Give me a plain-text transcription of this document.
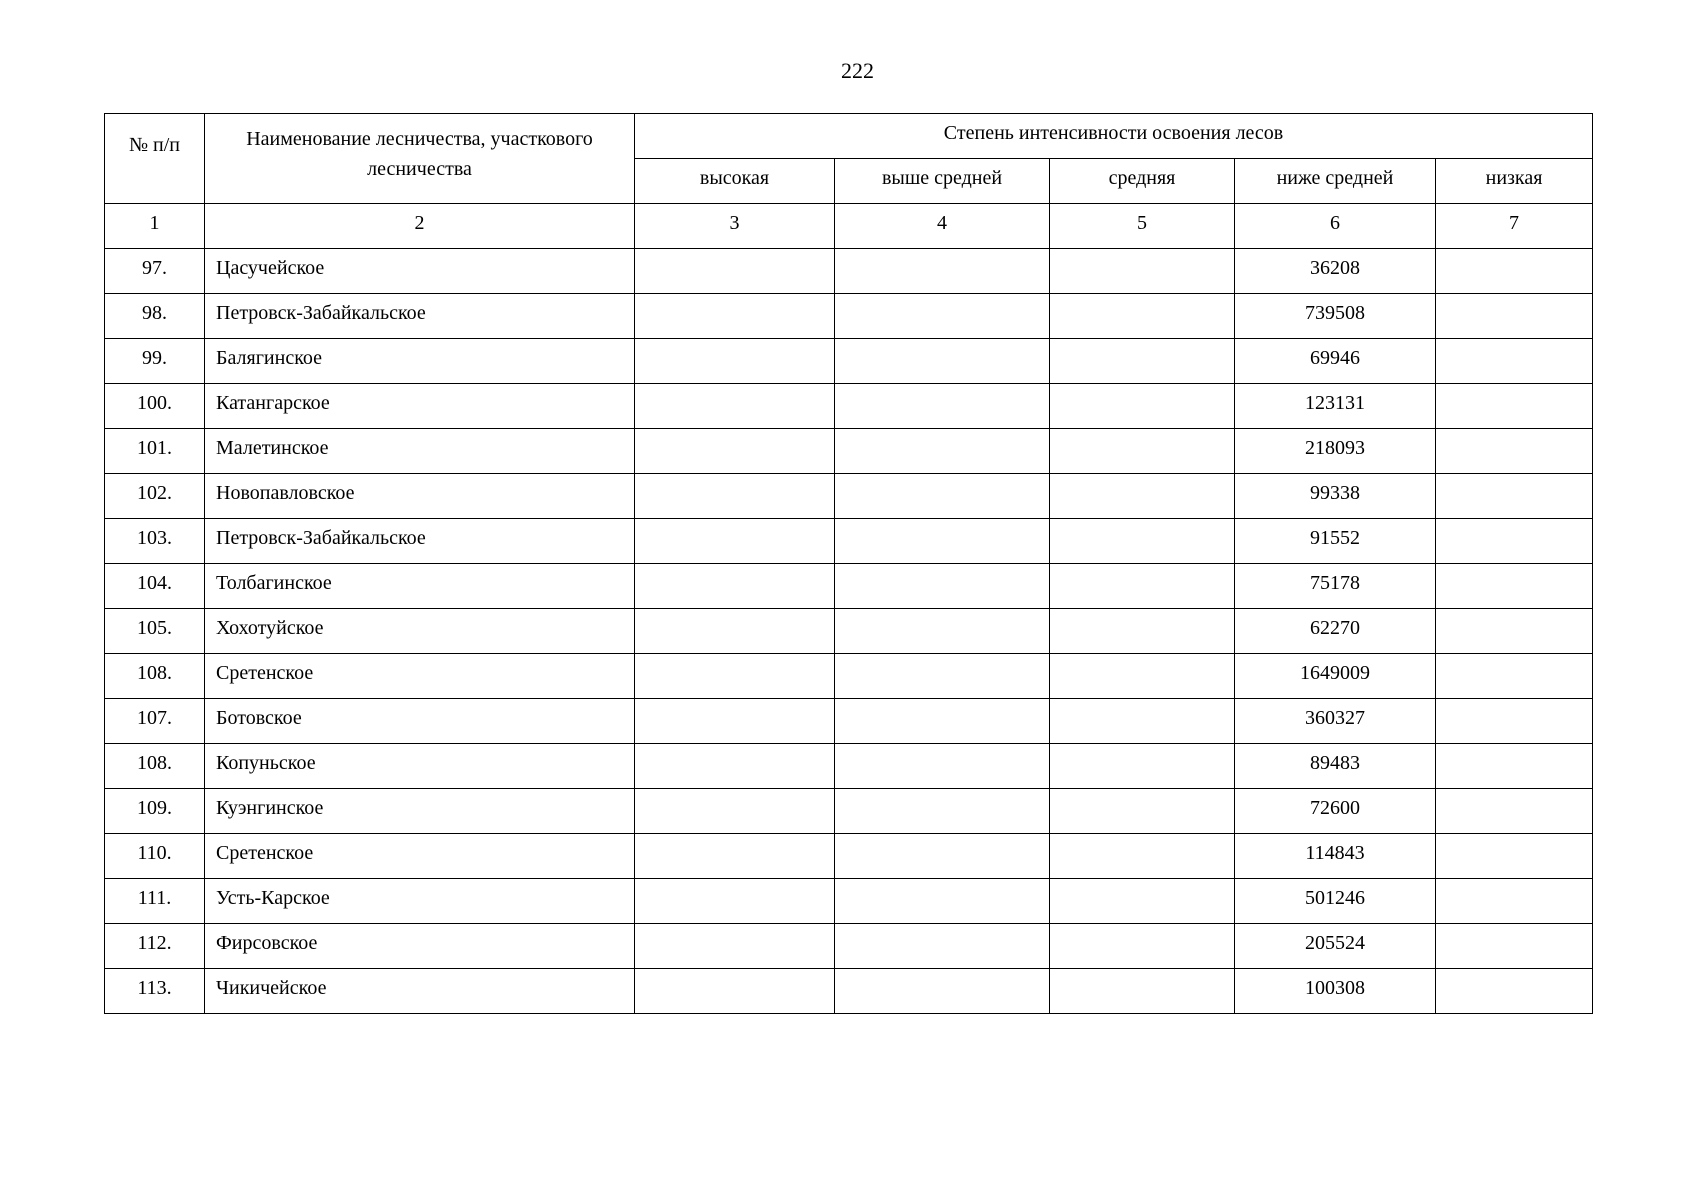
222
№ п/п	Наименование лесничества, участкового лесничества	Степень интенсивности освоения лесов				
		высокая	выше средней	средняя	ниже средней	низкая
1	2	3	4	5	6	7
97.	Цасучейское				36208	
98.	Петровск-Забайкальское				739508	
99.	Балягинское				69946	
100.	Катангарское				123131	
101.	Малетинское				218093	
102.	Новопавловское				99338	
103.	Петровск-Забайкальское				91552	
104.	Толбагинское				75178	
105.	Хохотуйское				62270	
108.	Сретенское				1649009	
107.	Ботовское				360327	
108.	Копуньское				89483	
109.	Куэнгинское				72600	
110.	Сретенское				114843	
111.	Усть-Карское				501246	
112.	Фирсовское				205524	
113.	Чикичейское				100308	
